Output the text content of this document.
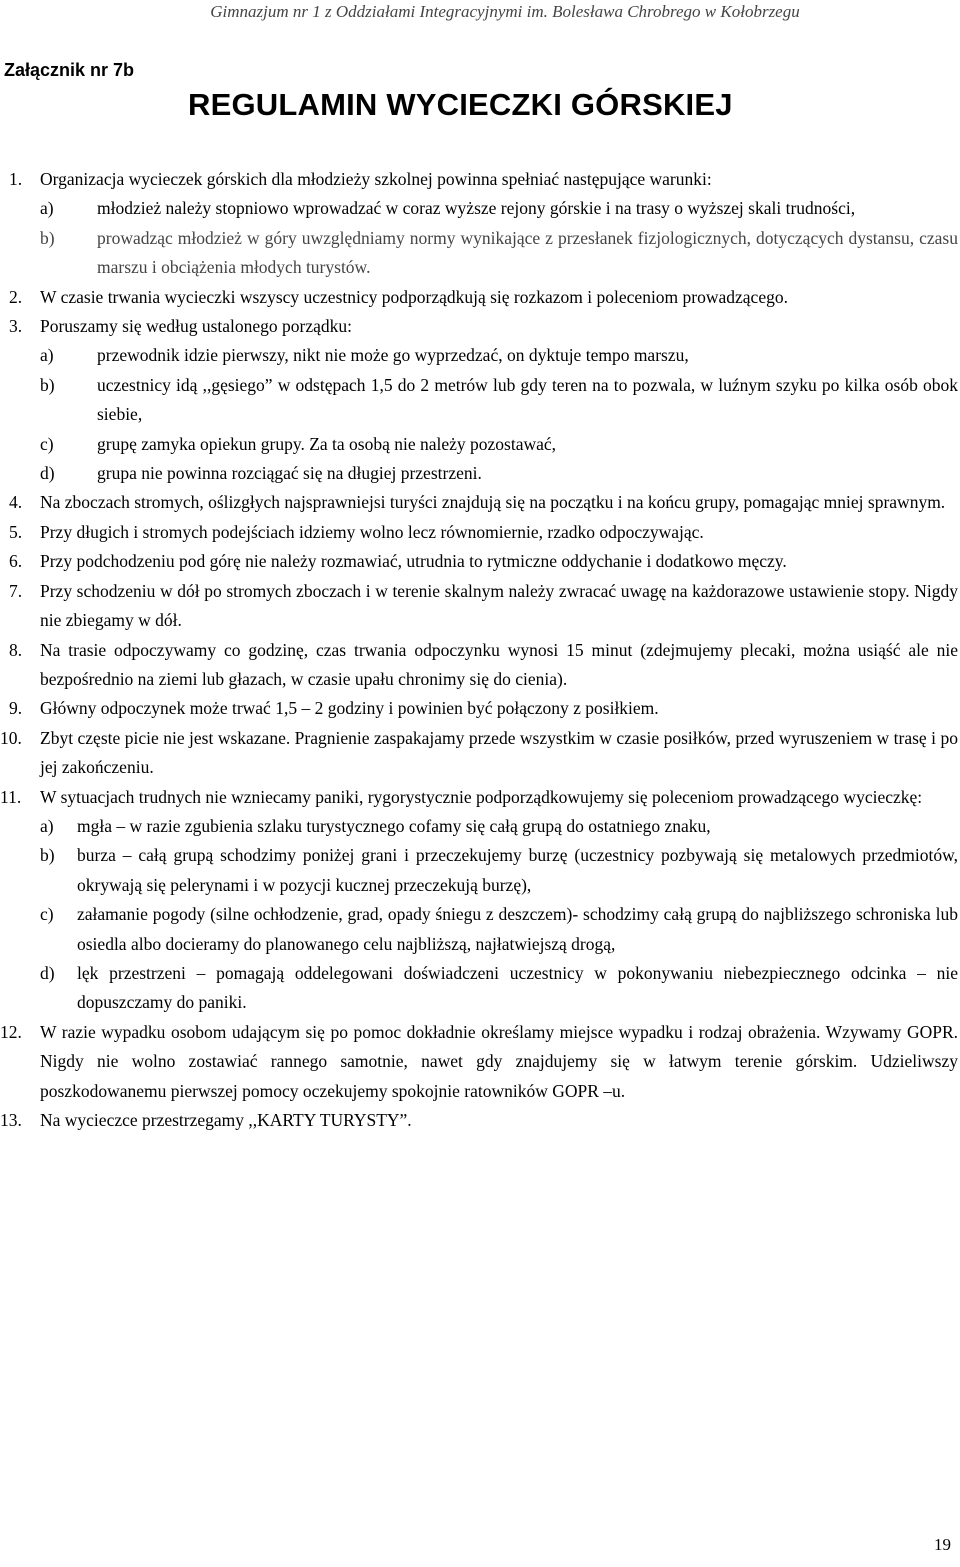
Gimnazjum nr 1 z Oddziałami Integracyjnymi im. Bolesława Chrobrego w Kołobrzegu
Załącznik nr 7b
REGULAMIN WYCIECZKI GÓRSKIEJ
1.	Organizacja wycieczek górskich dla młodzieży szkolnej powinna spełniać następujące warunki:
a)	młodzież należy stopniowo wprowadzać w coraz wyższe rejony górskie i na trasy o wyższej skali trudności,
b)	prowadząc młodzież w góry uwzględniamy normy wynikające z przesłanek fizjologicznych, dotyczących dystansu, czasu marszu i obciążenia młodych turystów.
2.	W czasie trwania wycieczki wszyscy uczestnicy podporządkują się rozkazom i poleceniom prowadzącego.
3.	Poruszamy się według ustalonego porządku:
a)	przewodnik idzie pierwszy, nikt nie może go wyprzedzać, on dyktuje tempo marszu,
b)	uczestnicy idą ,,gęsiego” w odstępach 1,5 do 2 metrów lub gdy teren na to pozwala, w luźnym szyku po kilka osób obok siebie,
c)	grupę zamyka opiekun grupy. Za ta osobą nie należy pozostawać,
d)	grupa nie powinna rozciągać się na długiej przestrzeni.
4.	Na zboczach stromych, oślizgłych najsprawniejsi turyści znajdują się na początku i na końcu grupy, pomagając mniej sprawnym.
5.	Przy długich i stromych podejściach idziemy wolno lecz równomiernie, rzadko odpoczywając.
6.	Przy podchodzeniu pod górę nie należy rozmawiać, utrudnia to rytmiczne oddychanie i dodatkowo męczy.
7.	Przy schodzeniu w dół po stromych zboczach i w terenie skalnym należy zwracać uwagę na każdorazowe ustawienie stopy. Nigdy nie zbiegamy w dół.
8.	Na trasie odpoczywamy co godzinę, czas trwania odpoczynku wynosi 15 minut (zdejmujemy plecaki, można usiąść ale nie bezpośrednio na ziemi lub głazach, w czasie upału chronimy się do cienia).
9.	Główny odpoczynek może trwać 1,5 – 2 godziny i powinien być połączony z posiłkiem.
10.	Zbyt częste picie nie jest wskazane. Pragnienie zaspakajamy przede wszystkim w czasie posiłków, przed wyruszeniem w trasę i po jej zakończeniu.
11.	W sytuacjach trudnych nie wzniecamy paniki, rygorystycznie podporządkowujemy się poleceniom prowadzącego wycieczkę:
a)	mgła – w razie zgubienia szlaku turystycznego cofamy się całą grupą do ostatniego znaku,
b)	burza – całą grupą schodzimy poniżej grani i przeczekujemy burzę (uczestnicy pozbywają się metalowych przedmiotów, okrywają się pelerynami i w pozycji kucznej przeczekują burzę),
c)	załamanie pogody (silne ochłodzenie, grad, opady śniegu z deszczem)- schodzimy całą grupą do najbliższego schroniska lub osiedla albo docieramy do planowanego celu najbliższą, najłatwiejszą drogą,
d)	lęk przestrzeni – pomagają oddelegowani doświadczeni uczestnicy w pokonywaniu niebezpiecznego odcinka – nie dopuszczamy do paniki.
12.	W razie wypadku osobom udającym się po pomoc dokładnie określamy miejsce wypadku i rodzaj obrażenia. Wzywamy GOPR. Nigdy nie wolno zostawiać rannego samotnie, nawet gdy znajdujemy się w łatwym terenie górskim. Udzieliwszy poszkodowanemu pierwszej pomocy oczekujemy spokojnie ratowników GOPR –u.
13.	Na wycieczce przestrzegamy ,,KARTY TURYSTY”.
19
